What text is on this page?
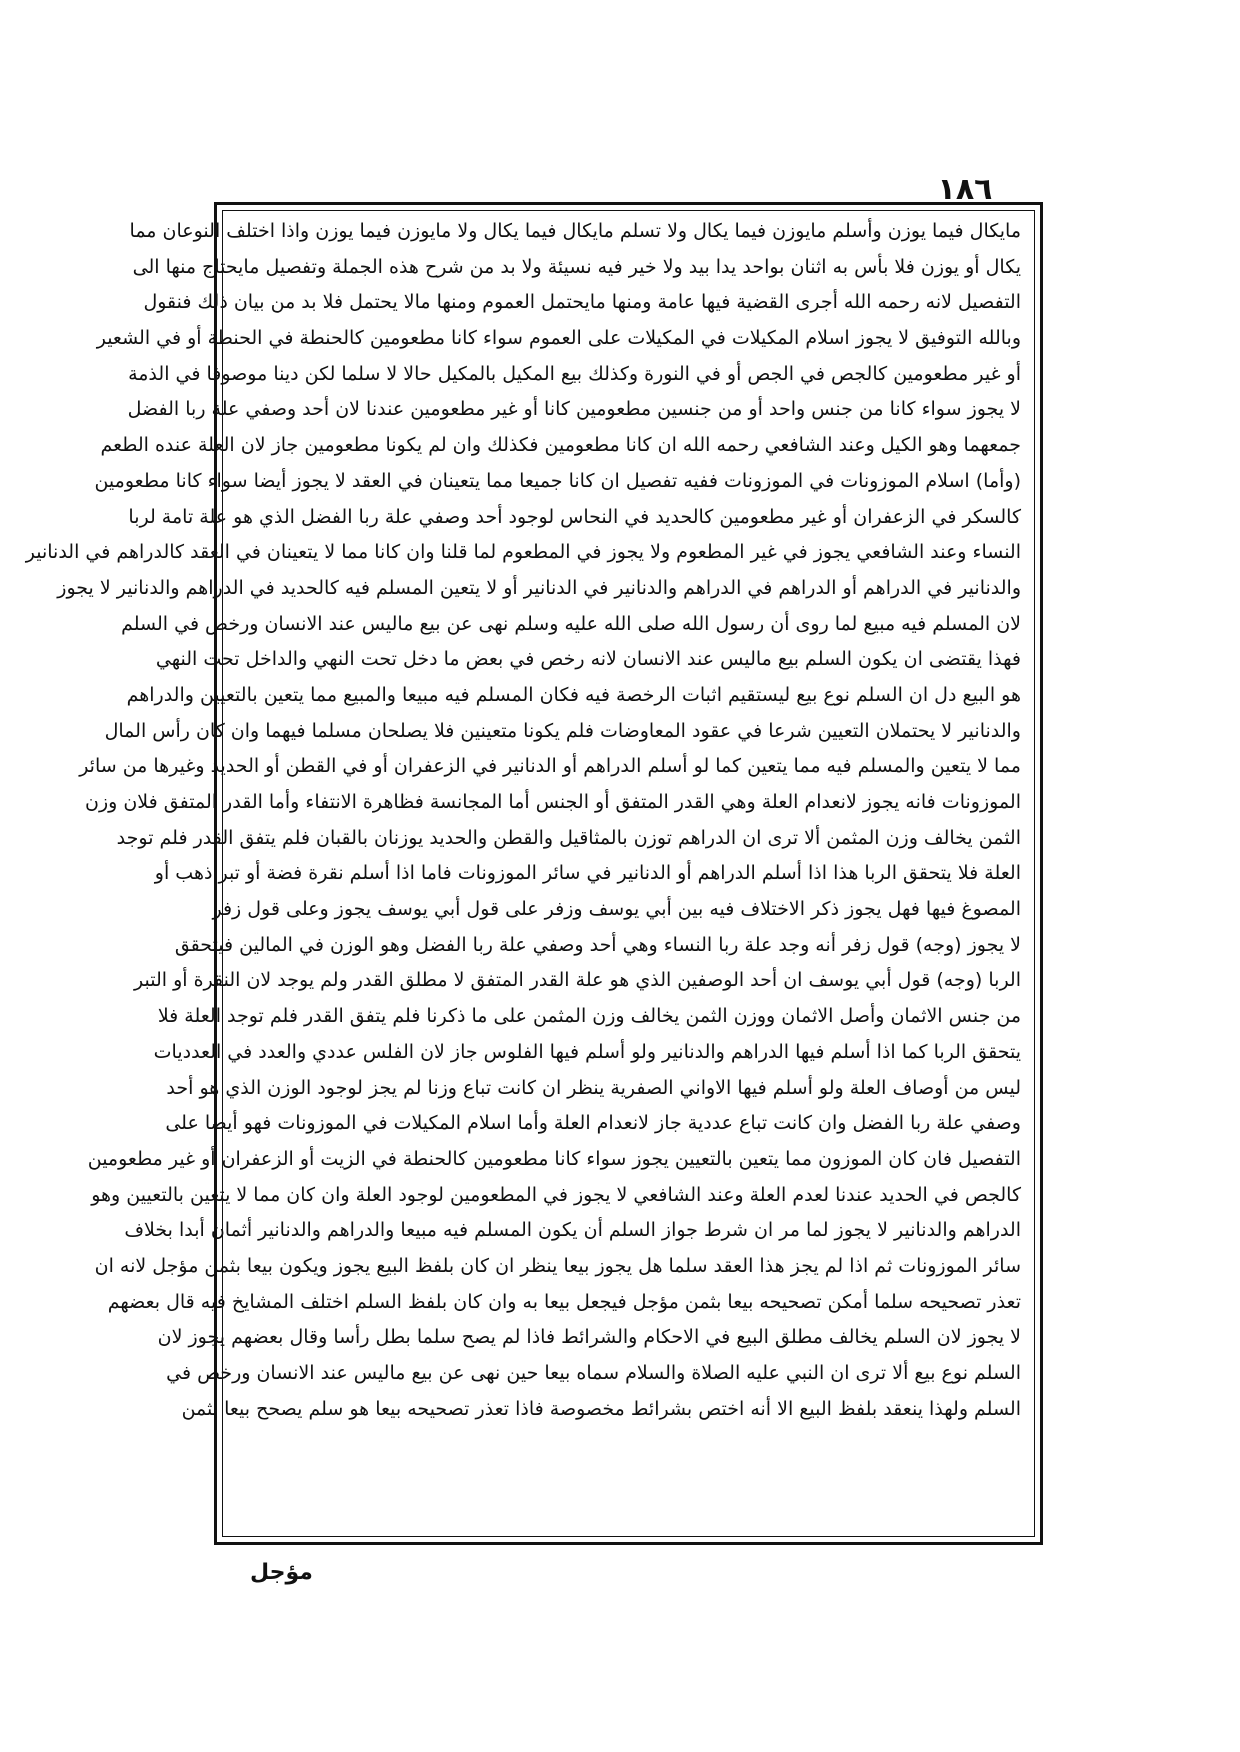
١٨٦
مايكال فيما يوزن وأسلم مايوزن فيما يكال ولا تسلم مايكال فيما يكال ولا مايوزن فيما يوزن واذا اختلف النوعان مما
يكال أو يوزن فلا بأس به اثنان بواحد يدا بيد ولا خير فيه نسيئة ولا بد من شرح هذه الجملة وتفصيل مايحتاج منها الى
التفصيل لانه رحمه الله أجرى القضية فيها عامة ومنها مايحتمل العموم ومنها مالا يحتمل فلا بد من بيان ذلك فنقول
وبالله التوفيق لا يجوز اسلام المكيلات في المكيلات على العموم سواء كانا مطعومين كالحنطة في الحنطة أو في الشعير
أو غير مطعومين كالجص في الجص أو في النورة وكذلك بيع المكيل بالمكيل حالا لا سلما لكن دينا موصوفا في الذمة
لا يجوز سواء كانا من جنس واحد أو من جنسين مطعومين كانا أو غير مطعومين عندنا لان أحد وصفي علة ربا الفضل
جمعهما وهو الكيل وعند الشافعي رحمه الله ان كانا مطعومين فكذلك وان لم يكونا مطعومين جاز لان العلة عنده الطعم
(وأما) اسلام الموزونات في الموزونات ففيه تفصيل ان كانا جميعا مما يتعينان في العقد لا يجوز أيضا سواء كانا مطعومين
كالسكر في الزعفران أو غير مطعومين كالحديد في النحاس لوجود أحد وصفي علة ربا الفضل الذي هو علة تامة لربا
النساء وعند الشافعي يجوز في غير المطعوم ولا يجوز في المطعوم لما قلنا وان كانا مما لا يتعينان في العقد كالدراهم في الدنانير
والدنانير في الدراهم أو الدراهم في الدراهم والدنانير في الدنانير أو لا يتعين المسلم فيه كالحديد في الدراهم والدنانير لا يجوز
لان المسلم فيه مبيع لما روى أن رسول الله صلى الله عليه وسلم نهى عن بيع ماليس عند الانسان ورخص في السلم
فهذا يقتضى ان يكون السلم بيع ماليس عند الانسان لانه رخص في بعض ما دخل تحت النهي والداخل تحت النهي
هو البيع دل ان السلم نوع بيع ليستقيم اثبات الرخصة فيه فكان المسلم فيه مبيعا والمبيع مما يتعين بالتعيين والدراهم
والدنانير لا يحتملان التعيين شرعا في عقود المعاوضات فلم يكونا متعينين فلا يصلحان مسلما فيهما وان كان رأس المال
مما لا يتعين والمسلم فيه مما يتعين كما لو أسلم الدراهم أو الدنانير في الزعفران أو في القطن أو الحديد وغيرها من سائر
الموزونات فانه يجوز لانعدام العلة وهي القدر المتفق أو الجنس أما المجانسة فظاهرة الانتفاء وأما القدر المتفق فلان وزن
الثمن يخالف وزن المثمن ألا ترى ان الدراهم توزن بالمثاقيل والقطن والحديد يوزنان بالقبان فلم يتفق القدر فلم توجد
العلة فلا يتحقق الربا هذا اذا أسلم الدراهم أو الدنانير في سائر الموزونات فاما اذا أسلم نقرة فضة أو تبر ذهب أو
المصوغ فيها فهل يجوز ذكر الاختلاف فيه بين أبي يوسف وزفر على قول أبي يوسف يجوز وعلى قول زفر
لا يجوز (وجه) قول زفر أنه وجد علة ربا النساء وهي أحد وصفي علة ربا الفضل وهو الوزن في المالين فيتحقق
الربا (وجه) قول أبي يوسف ان أحد الوصفين الذي هو علة القدر المتفق لا مطلق القدر ولم يوجد لان النقرة أو التبر
من جنس الاثمان وأصل الاثمان ووزن الثمن يخالف وزن المثمن على ما ذكرنا فلم يتفق القدر فلم توجد العلة فلا
يتحقق الربا كما اذا أسلم فيها الدراهم والدنانير ولو أسلم فيها الفلوس جاز لان الفلس عددي والعدد في العدديات
ليس من أوصاف العلة ولو أسلم فيها الاواني الصفرية ينظر ان كانت تباع وزنا لم يجز لوجود الوزن الذي هو أحد
وصفي علة ربا الفضل وان كانت تباع عددية جاز لانعدام العلة وأما اسلام المكيلات في الموزونات فهو أيضا على
التفصيل فان كان الموزون مما يتعين بالتعيين يجوز سواء كانا مطعومين كالحنطة في الزيت أو الزعفران أو غير مطعومين
كالجص في الحديد عندنا لعدم العلة وعند الشافعي لا يجوز في المطعومين لوجود العلة وان كان مما لا يتعين بالتعيين وهو
الدراهم والدنانير لا يجوز لما مر ان شرط جواز السلم أن يكون المسلم فيه مبيعا والدراهم والدنانير أثمان أبدا بخلاف
سائر الموزونات ثم اذا لم يجز هذا العقد سلما هل يجوز بيعا ينظر ان كان بلفظ البيع يجوز ويكون بيعا بثمن مؤجل لانه ان
تعذر تصحيحه سلما أمكن تصحيحه بيعا بثمن مؤجل فيجعل بيعا به وان كان بلفظ السلم اختلف المشايخ فيه قال بعضهم
لا يجوز لان السلم يخالف مطلق البيع في الاحكام والشرائط فاذا لم يصح سلما بطل رأسا وقال بعضهم يجوز لان
السلم نوع بيع ألا ترى ان النبي عليه الصلاة والسلام سماه بيعا حين نهى عن بيع ماليس عند الانسان ورخص في
السلم ولهذا ينعقد بلفظ البيع الا أنه اختص بشرائط مخصوصة فاذا تعذر تصحيحه بيعا هو سلم يصحح بيعا بثمن
مؤجل
